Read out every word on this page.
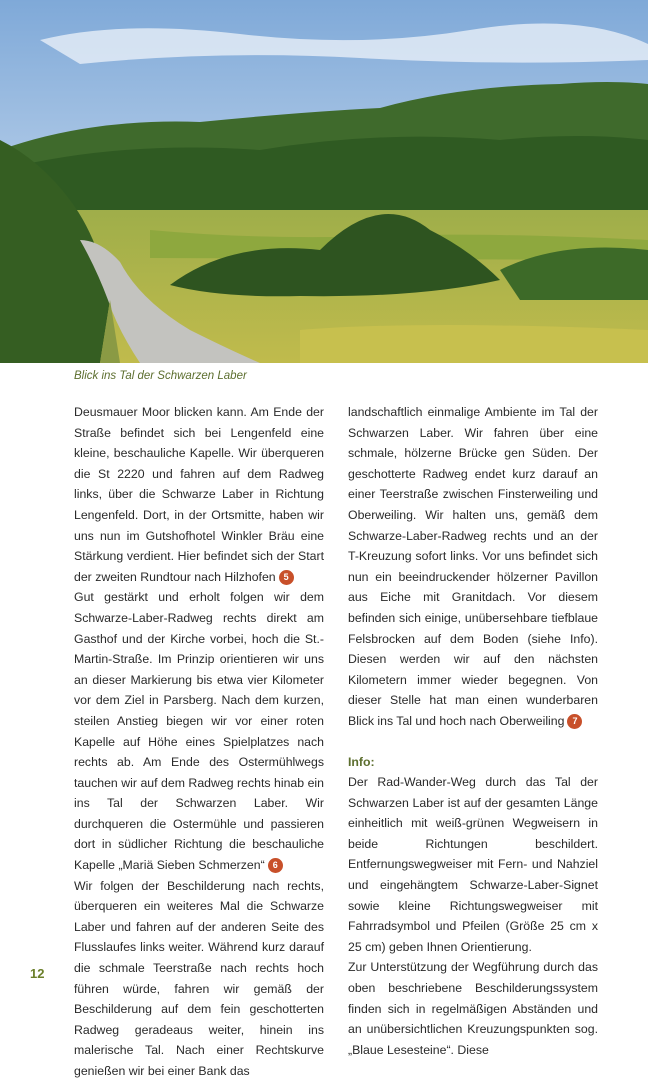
Blick ins Tal der Schwarzen Laber

Deusmauer Moor blicken kann. Am Ende der Straße befindet sich bei Lengenfeld eine kleine, beschauliche Kapelle. Wir überqueren die St 2220 und fahren auf dem Radweg links, über die Schwarze Laber in Richtung Lengenfeld. Dort, in der Ortsmitte, haben wir uns nun im Gutshofhotel Winkler Bräu eine Stärkung verdient. Hier befindet sich der Start der zweiten Rundtour nach Hilzhofen 5

Gut gestärkt und erholt folgen wir dem Schwarze-Laber-Radweg rechts direkt am Gasthof und der Kirche vorbei, hoch die St.-Martin-Straße. Im Prinzip orientieren wir uns an dieser Markierung bis etwa vier Kilometer vor dem Ziel in Parsberg. Nach dem kurzen, steilen Anstieg biegen wir vor einer roten Kapelle auf Höhe eines Spielplatzes nach rechts ab. Am Ende des Ostermühlwegs tauchen wir auf dem Radweg rechts hinab ein ins Tal der Schwarzen Laber. Wir durchqueren die Ostermühle und passieren dort in südlicher Richtung die beschauliche Kapelle „Mariä Sieben Schmerzen“ 6

Wir folgen der Beschilderung nach rechts, überqueren ein weiteres Mal die Schwarze Laber und fahren auf der anderen Seite des Flusslaufes links weiter. Während kurz darauf die schmale Teerstraße nach rechts hoch führen würde, fahren wir gemäß der Beschilderung auf dem fein geschotterten Radweg geradeaus weiter, hinein ins malerische Tal. Nach einer Rechtskurve genießen wir bei einer Bank das

landschaftlich einmalige Ambiente im Tal der Schwarzen Laber. Wir fahren über eine schmale, hölzerne Brücke gen Süden. Der geschotterte Radweg endet kurz darauf an einer Teerstraße zwischen Finsterweiling und Oberweiling. Wir halten uns, gemäß dem Schwarze-Laber-Radweg rechts und an der T-Kreuzung sofort links. Vor uns befindet sich nun ein beeindruckender hölzerner Pavillon aus Eiche mit Granitdach. Vor diesem befinden sich einige, unübersehbare tiefblaue Felsbrocken auf dem Boden (siehe Info). Diesen werden wir auf den nächsten Kilometern immer wieder begegnen. Von dieser Stelle hat man einen wunderbaren Blick ins Tal und hoch nach Oberweiling 7

Info:

Der Rad-Wander-Weg durch das Tal der Schwarzen Laber ist auf der gesamten Länge einheitlich mit weiß-grünen Wegweisern in beide Richtungen beschildert. Entfernungswegweiser mit Fern- und Nahziel und eingehängtem Schwarze-Laber-Signet sowie kleine Richtungswegweiser mit Fahrradsymbol und Pfeilen (Größe 25 cm x 25 cm) geben Ihnen Orientierung.

Zur Unterstützung der Wegführung durch das oben beschriebene Beschilderungssystem finden sich in regelmäßigen Abständen und an unübersichtlichen Kreuzungspunkten sog. „Blaue Lesesteine“. Diese

12
